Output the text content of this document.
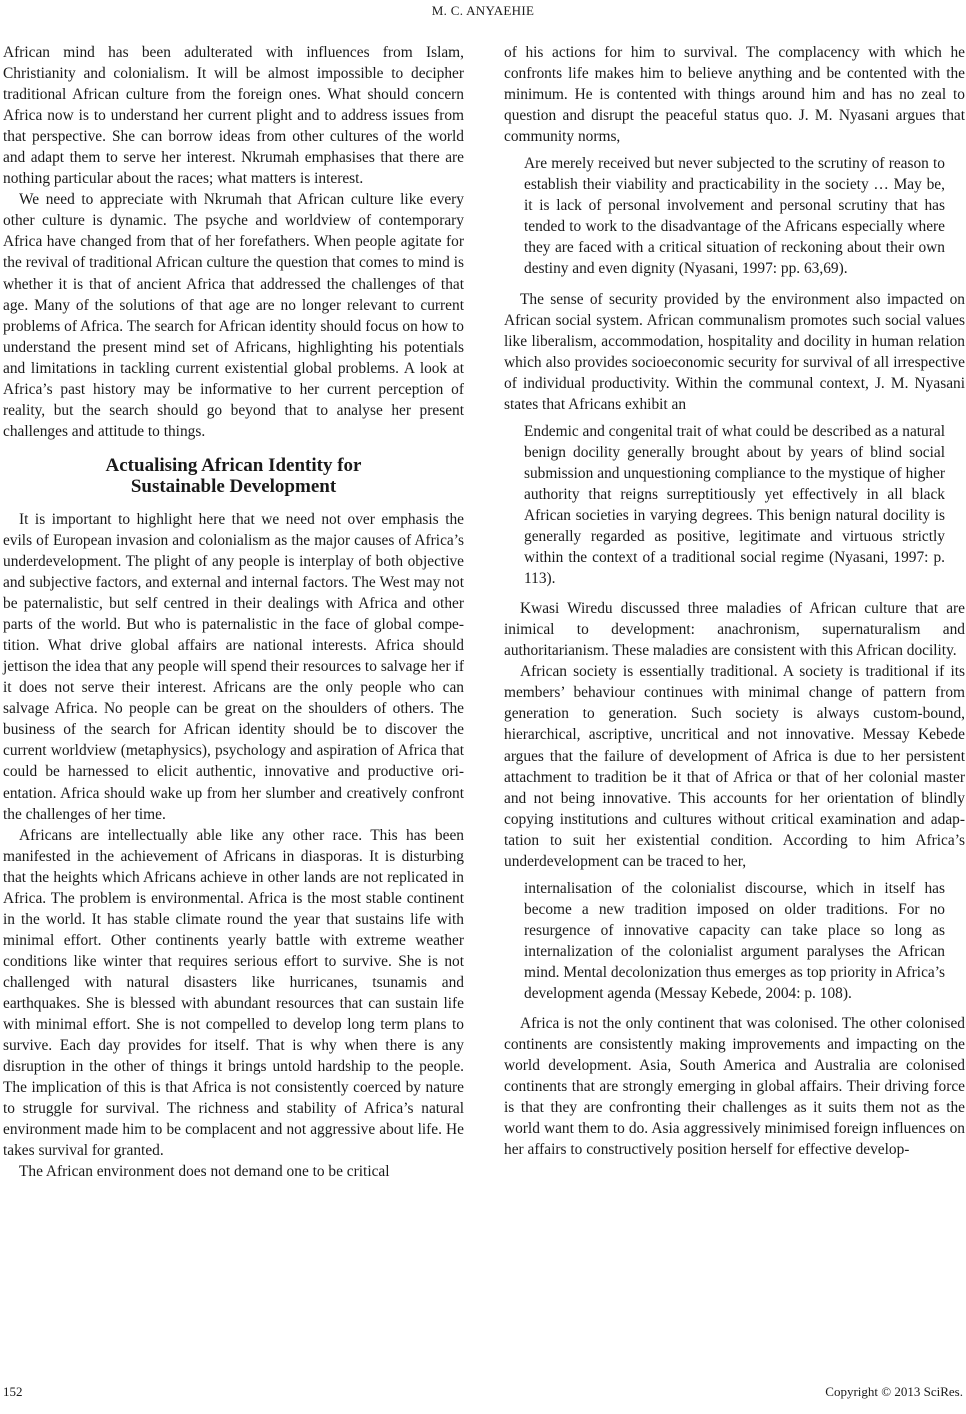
M. C. ANYAEHIE

African mind has been adulterated with influences from Islam, Christianity and colonialism. It will be almost impossible to decipher traditional African culture from the foreign ones. What should concern Africa now is to understand her current plight and to address issues from that perspective. She can borrow ideas from other cultures of the world and adapt them to serve her interest. Nkrumah emphasises that there are nothing particular about the races; what matters is interest.

We need to appreciate with Nkrumah that African culture like every other culture is dynamic. The psyche and worldview of contemporary Africa have changed from that of her forefathers. When people agitate for the revival of traditional African culture the question that comes to mind is whether it is that of ancient Africa that addressed the challenges of that age. Many of the solutions of that age are no longer relevant to current problems of Africa. The search for African identity should focus on how to understand the present mind set of Africans, highlighting his potentials and limitations in tackling current existential global problems. A look at Africa’s past history may be informative to her current perception of reality, but the search should go beyond that to analyse her present challenges and attitude to things.

Actualising African Identity for
Sustainable Development

It is important to highlight here that we need not over emphasis the evils of European invasion and colonialism as the major causes of Africa’s underdevelopment. The plight of any people is interplay of both objective and subjective factors, and external and internal factors. The West may not be paternalistic, but self centred in their dealings with Africa and other parts of the world. But who is paternalistic in the face of global competition. What drive global affairs are national interests. Africa should jettison the idea that any people will spend their resources to salvage her if it does not serve their interest. Africans are the only people who can salvage Africa. No people can be great on the shoulders of others. The business of the search for African identity should be to discover the current worldview (metaphysics), psychology and aspiration of Africa that could be harnessed to elicit authentic, innovative and productive orientation. Africa should wake up from her slumber and creatively confront the challenges of her time.

Africans are intellectually able like any other race. This has been manifested in the achievement of Africans in diasporas. It is disturbing that the heights which Africans achieve in other lands are not replicated in Africa. The problem is environmental. Africa is the most stable continent in the world. It has stable climate round the year that sustains life with minimal effort. Other continents yearly battle with extreme weather conditions like winter that requires serious effort to survive. She is not challenged with natural disasters like hurricanes, tsunamis and earthquakes. She is blessed with abundant resources that can sustain life with minimal effort. She is not compelled to develop long term plans to survive. Each day provides for itself. That is why when there is any disruption in the other of things it brings untold hardship to the people. The implication of this is that Africa is not consistently coerced by nature to struggle for survival. The richness and stability of Africa’s natural environment made him to be complacent and not aggressive about life. He takes survival for granted.

The African environment does not demand one to be critical

of his actions for him to survival. The complacency with which he confronts life makes him to believe anything and be contented with the minimum. He is contented with things around him and has no zeal to question and disrupt the peaceful status quo. J. M. Nyasani argues that community norms,

Are merely received but never subjected to the scrutiny of reason to establish their viability and practicability in the society … May be, it is lack of personal involvement and personal scrutiny that has tended to work to the disadvantage of the Africans especially where they are faced with a critical situation of reckoning about their own destiny and even dignity (Nyasani, 1997: pp. 63,69).

The sense of security provided by the environment also impacted on African social system. African communalism promotes such social values like liberalism, accommodation, hospitality and docility in human relation which also provides socioeconomic security for survival of all irrespective of individual productivity. Within the communal context, J. M. Nyasani states that Africans exhibit an

Endemic and congenital trait of what could be described as a natural benign docility generally brought about by years of blind social submission and unquestioning compliance to the mystique of higher authority that reigns surreptitiously yet effectively in all black African societies in varying degrees. This benign natural docility is generally regarded as positive, legitimate and virtuous strictly within the context of a traditional social regime (Nyasani, 1997: p. 113).

Kwasi Wiredu discussed three maladies of African culture that are inimical to development: anachronism, supernaturalism and authoritarianism. These maladies are consistent with this African docility.

African society is essentially traditional. A society is traditional if its members’ behaviour continues with minimal change of pattern from generation to generation. Such society is always custom-bound, hierarchical, ascriptive, uncritical and not innovative. Messay Kebede argues that the failure of development of Africa is due to her persistent attachment to tradition be it that of Africa or that of her colonial master and not being innovative. This accounts for her orientation of blindly copying institutions and cultures without critical examination and adaptation to suit her existential condition. According to him Africa’s underdevelopment can be traced to her,

internalisation of the colonialist discourse, which in itself has become a new tradition imposed on older traditions. For no resurgence of innovative capacity can take place so long as internalization of the colonialist argument paralyses the African mind. Mental decolonization thus emerges as top priority in Africa’s development agenda (Messay Kebede, 2004: p. 108).

Africa is not the only continent that was colonised. The other colonised continents are consistently making improvements and impacting on the world development. Asia, South America and Australia are colonised continents that are strongly emerging in global affairs. Their driving force is that they are confronting their challenges as it suits them not as the world want them to do. Asia aggressively minimised foreign influences on her affairs to constructively position herself for effective develop-

152	Copyright © 2013 SciRes.
